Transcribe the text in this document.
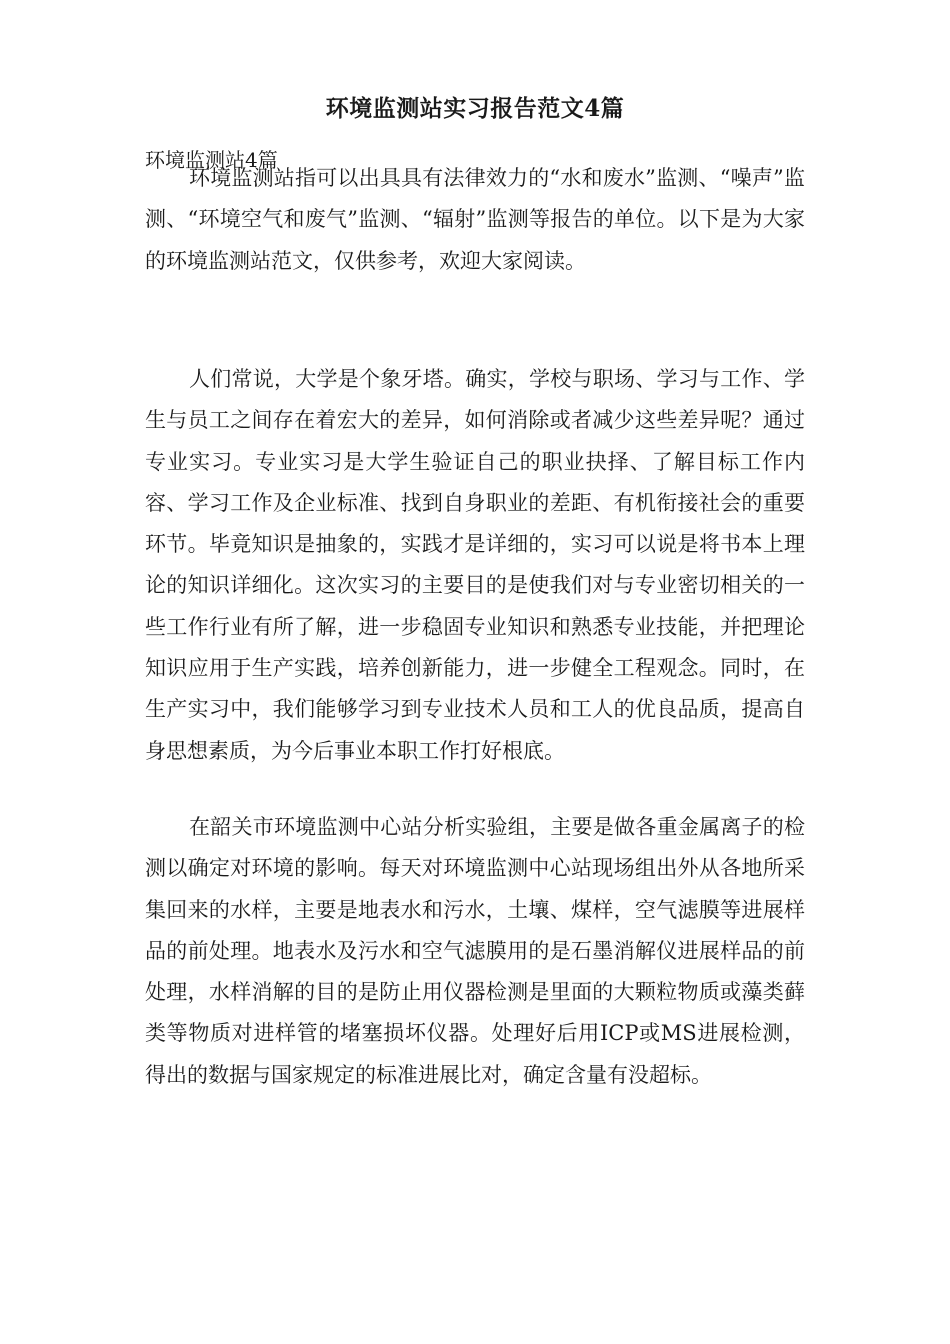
环境监测站实习报告范文4篇
环境监测站4篇

环境监测站指可以出具具有法律效力的“水和废水”监测、“噪声”监测、“环境空气和废气”监测、“辐射”监测等报告的单位。以下是为大家的环境监测站范文，仅供参考，欢迎大家阅读。

人们常说，大学是个象牙塔。确实，学校与职场、学习与工作、学生与员工之间存在着宏大的差异，如何消除或者减少这些差异呢？通过专业实习。专业实习是大学生验证自己的职业抉择、了解目标工作内容、学习工作及企业标准、找到自身职业的差距、有机衔接社会的重要环节。毕竟知识是抽象的，实践才是详细的，实习可以说是将书本上理论的知识详细化。这次实习的主要目的是使我们对与专业密切相关的一些工作行业有所了解，进一步稳固专业知识和熟悉专业技能，并把理论知识应用于生产实践，培养创新能力，进一步健全工程观念。同时，在生产实习中，我们能够学习到专业技术人员和工人的优良品质，提高自身思想素质，为今后事业本职工作打好根底。

在韶关市环境监测中心站分析实验组，主要是做各重金属离子的检测以确定对环境的影响。每天对环境监测中心站现场组出外从各地所采集回来的水样，主要是地表水和污水，土壤、煤样，空气滤膜等进展样品的前处理。地表水及污水和空气滤膜用的是石墨消解仪进展样品的前处理，水样消解的目的是防止用仪器检测是里面的大颗粒物质或藻类藓类等物质对进样管的堵塞损坏仪器。处理好后用ICP或MS进展检测，得出的数据与国家规定的标准进展比对，确定含量有没超标。
